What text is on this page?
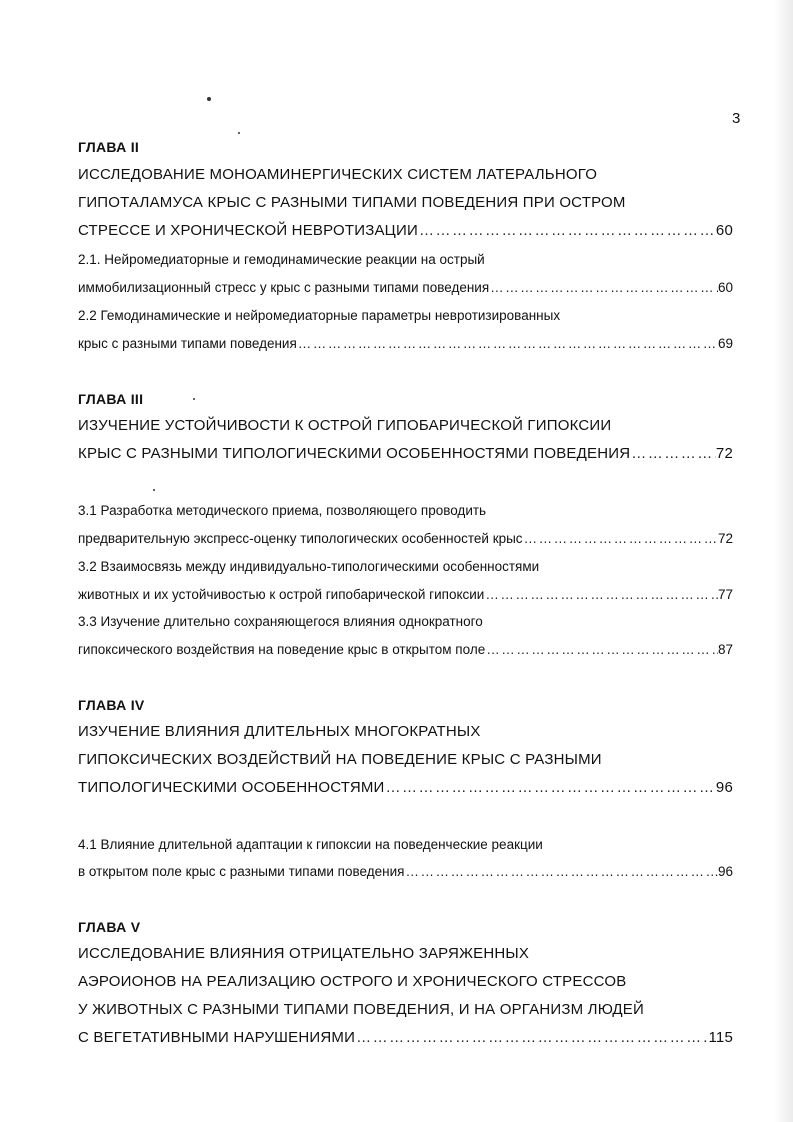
3
ГЛАВА II
ИССЛЕДОВАНИЕ МОНОАМИНЕРГИЧЕСКИХ СИСТЕМ ЛАТЕРАЛЬНОГО
ГИПОТАЛАМУСА КРЫС С РАЗНЫМИ ТИПАМИ ПОВЕДЕНИЯ ПРИ ОСТРОМ
СТРЕССЕ И ХРОНИЧЕСКОЙ НЕВРОТИЗАЦИИ ……………………………………………………………………………………………………	60
2.1. Нейромедиаторные и гемодинамические реакции на острый
иммобилизационный стресс у крыс с разными типами поведения ……………………………………………………………………………………………………	60
2.2 Гемодинамические и нейромедиаторные параметры невротизированных
крыс с разными типами поведения ……………………………………………………………………………………………………	69
ГЛАВА III
ИЗУЧЕНИЕ УСТОЙЧИВОСТИ К ОСТРОЙ ГИПОБАРИЧЕСКОЙ ГИПОКСИИ
КРЫС С РАЗНЫМИ ТИПОЛОГИЧЕСКИМИ ОСОБЕННОСТЯМИ ПОВЕДЕНИЯ ……………………………………………………………………………………………………	72
3.1 Разработка методического приема, позволяющего проводить
предварительную экспресс-оценку типологических особенностей крыс ……………………………………………………………………………………………………	72
3.2 Взаимосвязь между индивидуально-типологическими особенностями
животных и их устойчивостью к острой гипобарической гипоксии ……………………………………………………………………………………………………	77
3.3 Изучение длительно сохраняющегося влияния однократного
гипоксического воздействия на поведение крыс в открытом поле ……………………………………………………………………………………………………	87
ГЛАВА IV
ИЗУЧЕНИЕ ВЛИЯНИЯ ДЛИТЕЛЬНЫХ МНОГОКРАТНЫХ
ГИПОКСИЧЕСКИХ ВОЗДЕЙСТВИЙ НА ПОВЕДЕНИЕ КРЫС С РАЗНЫМИ
ТИПОЛОГИЧЕСКИМИ ОСОБЕННОСТЯМИ ……………………………………………………………………………………………………	96
4.1 Влияние длительной адаптации к гипоксии на поведенческие реакции
в открытом поле крыс с разными типами поведения ……………………………………………………………………………………………………	96
ГЛАВА V
ИССЛЕДОВАНИЕ ВЛИЯНИЯ ОТРИЦАТЕЛЬНО ЗАРЯЖЕННЫХ
АЭРОИОНОВ НА РЕАЛИЗАЦИЮ ОСТРОГО И ХРОНИЧЕСКОГО СТРЕССОВ
У ЖИВОТНЫХ С РАЗНЫМИ ТИПАМИ ПОВЕДЕНИЯ, И НА ОРГАНИЗМ ЛЮДЕЙ
С ВЕГЕТАТИВНЫМИ НАРУШЕНИЯМИ ……………………………………………………………………………………………………	115
